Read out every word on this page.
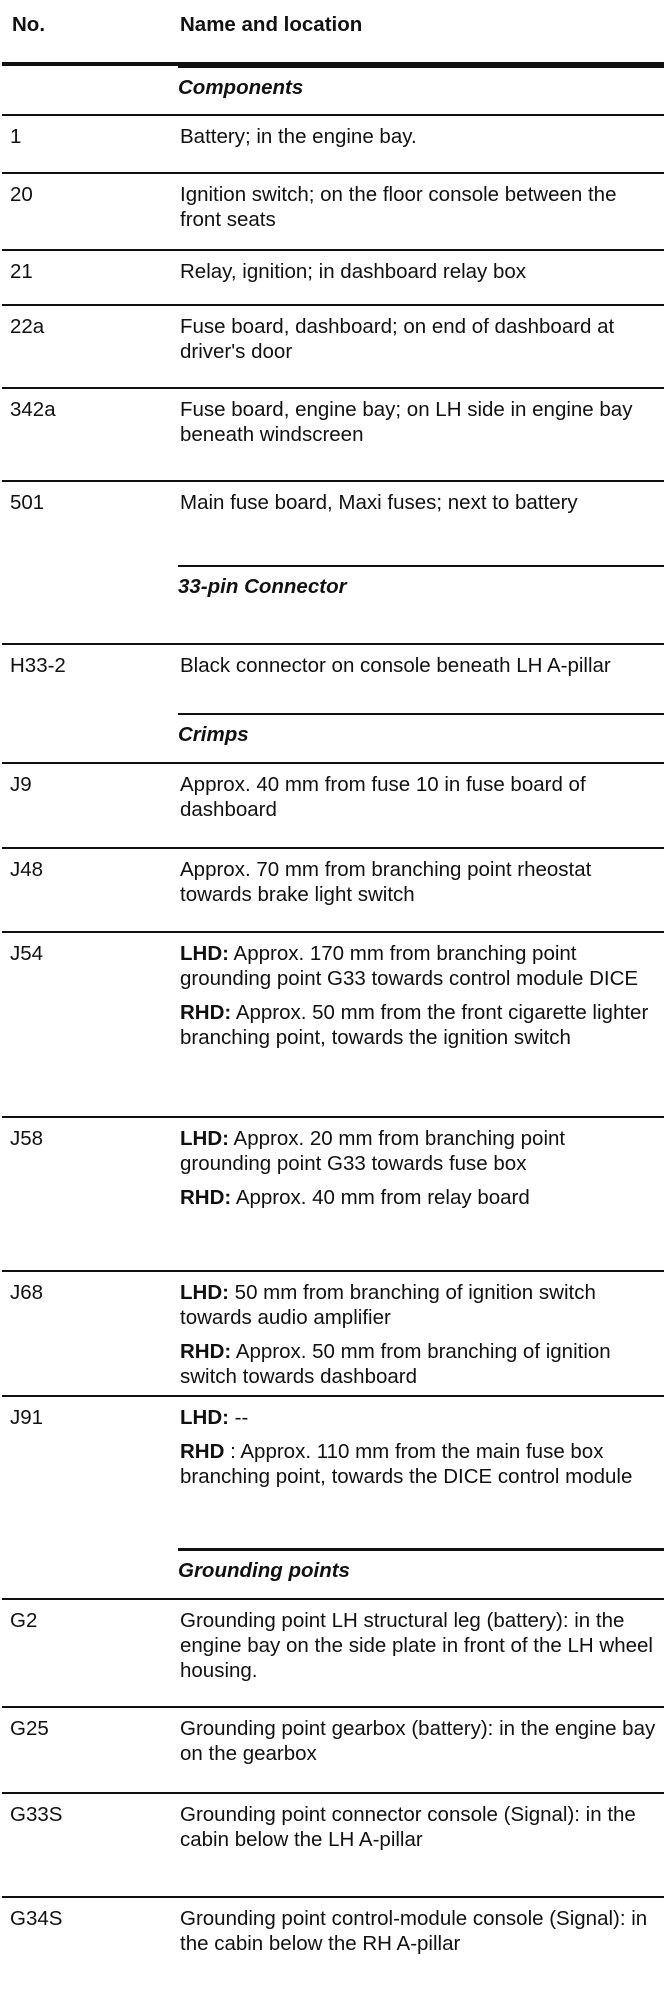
No.	Name and location
Components
1	Battery; in the engine bay.

20	Ignition switch; on the floor console between the front seats

21	Relay, ignition; in dashboard relay box

22a	Fuse board, dashboard; on end of dashboard at driver's door

342a	Fuse board, engine bay; on LH side in engine bay beneath windscreen

501	Main fuse board, Maxi fuses; next to battery

33-pin Connector
H33-2	Black connector on console beneath LH A-pillar

Crimps
J9	Approx. 40 mm from fuse 10 in fuse board of dashboard

J48	Approx. 70 mm from branching point rheostat towards brake light switch

J54	LHD: Approx. 170 mm from branching point grounding point G33 towards control module DICE

RHD: Approx. 50 mm from the front cigarette lighter branching point, towards the ignition switch

J58	LHD: Approx. 20 mm from branching point grounding point G33 towards fuse box

RHD: Approx. 40 mm from relay board

J68	LHD: 50 mm from branching of ignition switch towards audio amplifier

RHD: Approx. 50 mm from branching of ignition switch towards dashboard

J91	LHD: --

RHD : Approx. 110 mm from the main fuse box branching point, towards the DICE control module

Grounding points
G2	Grounding point LH structural leg (battery): in the engine bay on the side plate in front of the LH wheel housing.

G25	Grounding point gearbox (battery): in the engine bay on the gearbox

G33S	Grounding point connector console (Signal): in the cabin below the LH A-pillar

G34S	Grounding point control-module console (Signal): in the cabin below the RH A-pillar
